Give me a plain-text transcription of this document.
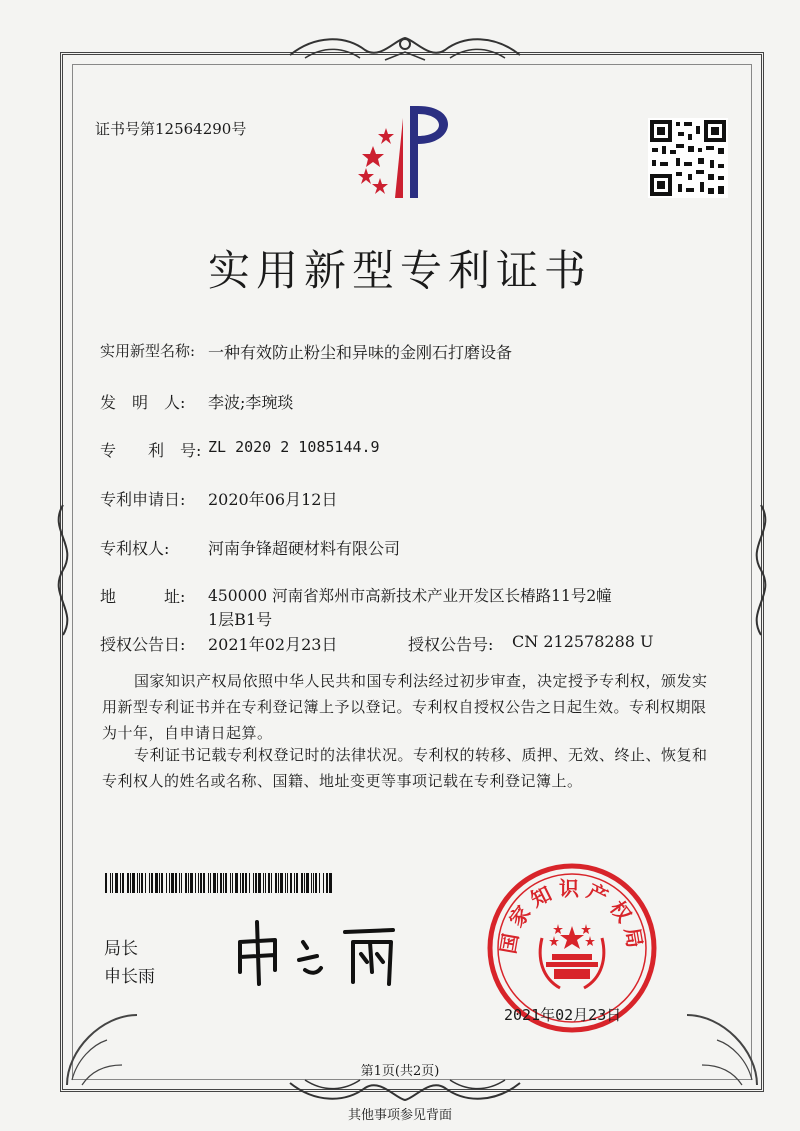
证书号第12564290号
实用新型专利证书
实用新型名称: 一种有效防止粉尘和异味的金刚石打磨设备
发　明　人: 李波;李琬琰
专　　利　号: ZL 2020 2 1085144.9
专利申请日: 2020年06月12日
专利权人: 河南争锋超硬材料有限公司
地　　　址: 450000 河南省郑州市高新技术产业开发区长椿路11号2幢
1层B1号
授权公告日: 2021年02月23日	授权公告号: CN 212578288 U
国家知识产权局依照中华人民共和国专利法经过初步审查，决定授予专利权，颁发实用新型专利证书并在专利登记簿上予以登记。专利权自授权公告之日起生效。专利权期限为十年，自申请日起算。
专利证书记载专利权登记时的法律状况。专利权的转移、质押、无效、终止、恢复和专利权人的姓名或名称、国籍、地址变更等事项记载在专利登记簿上。
局长
申长雨
国家知识产权局
2021年02月23日
第1页(共2页)
其他事项参见背面
